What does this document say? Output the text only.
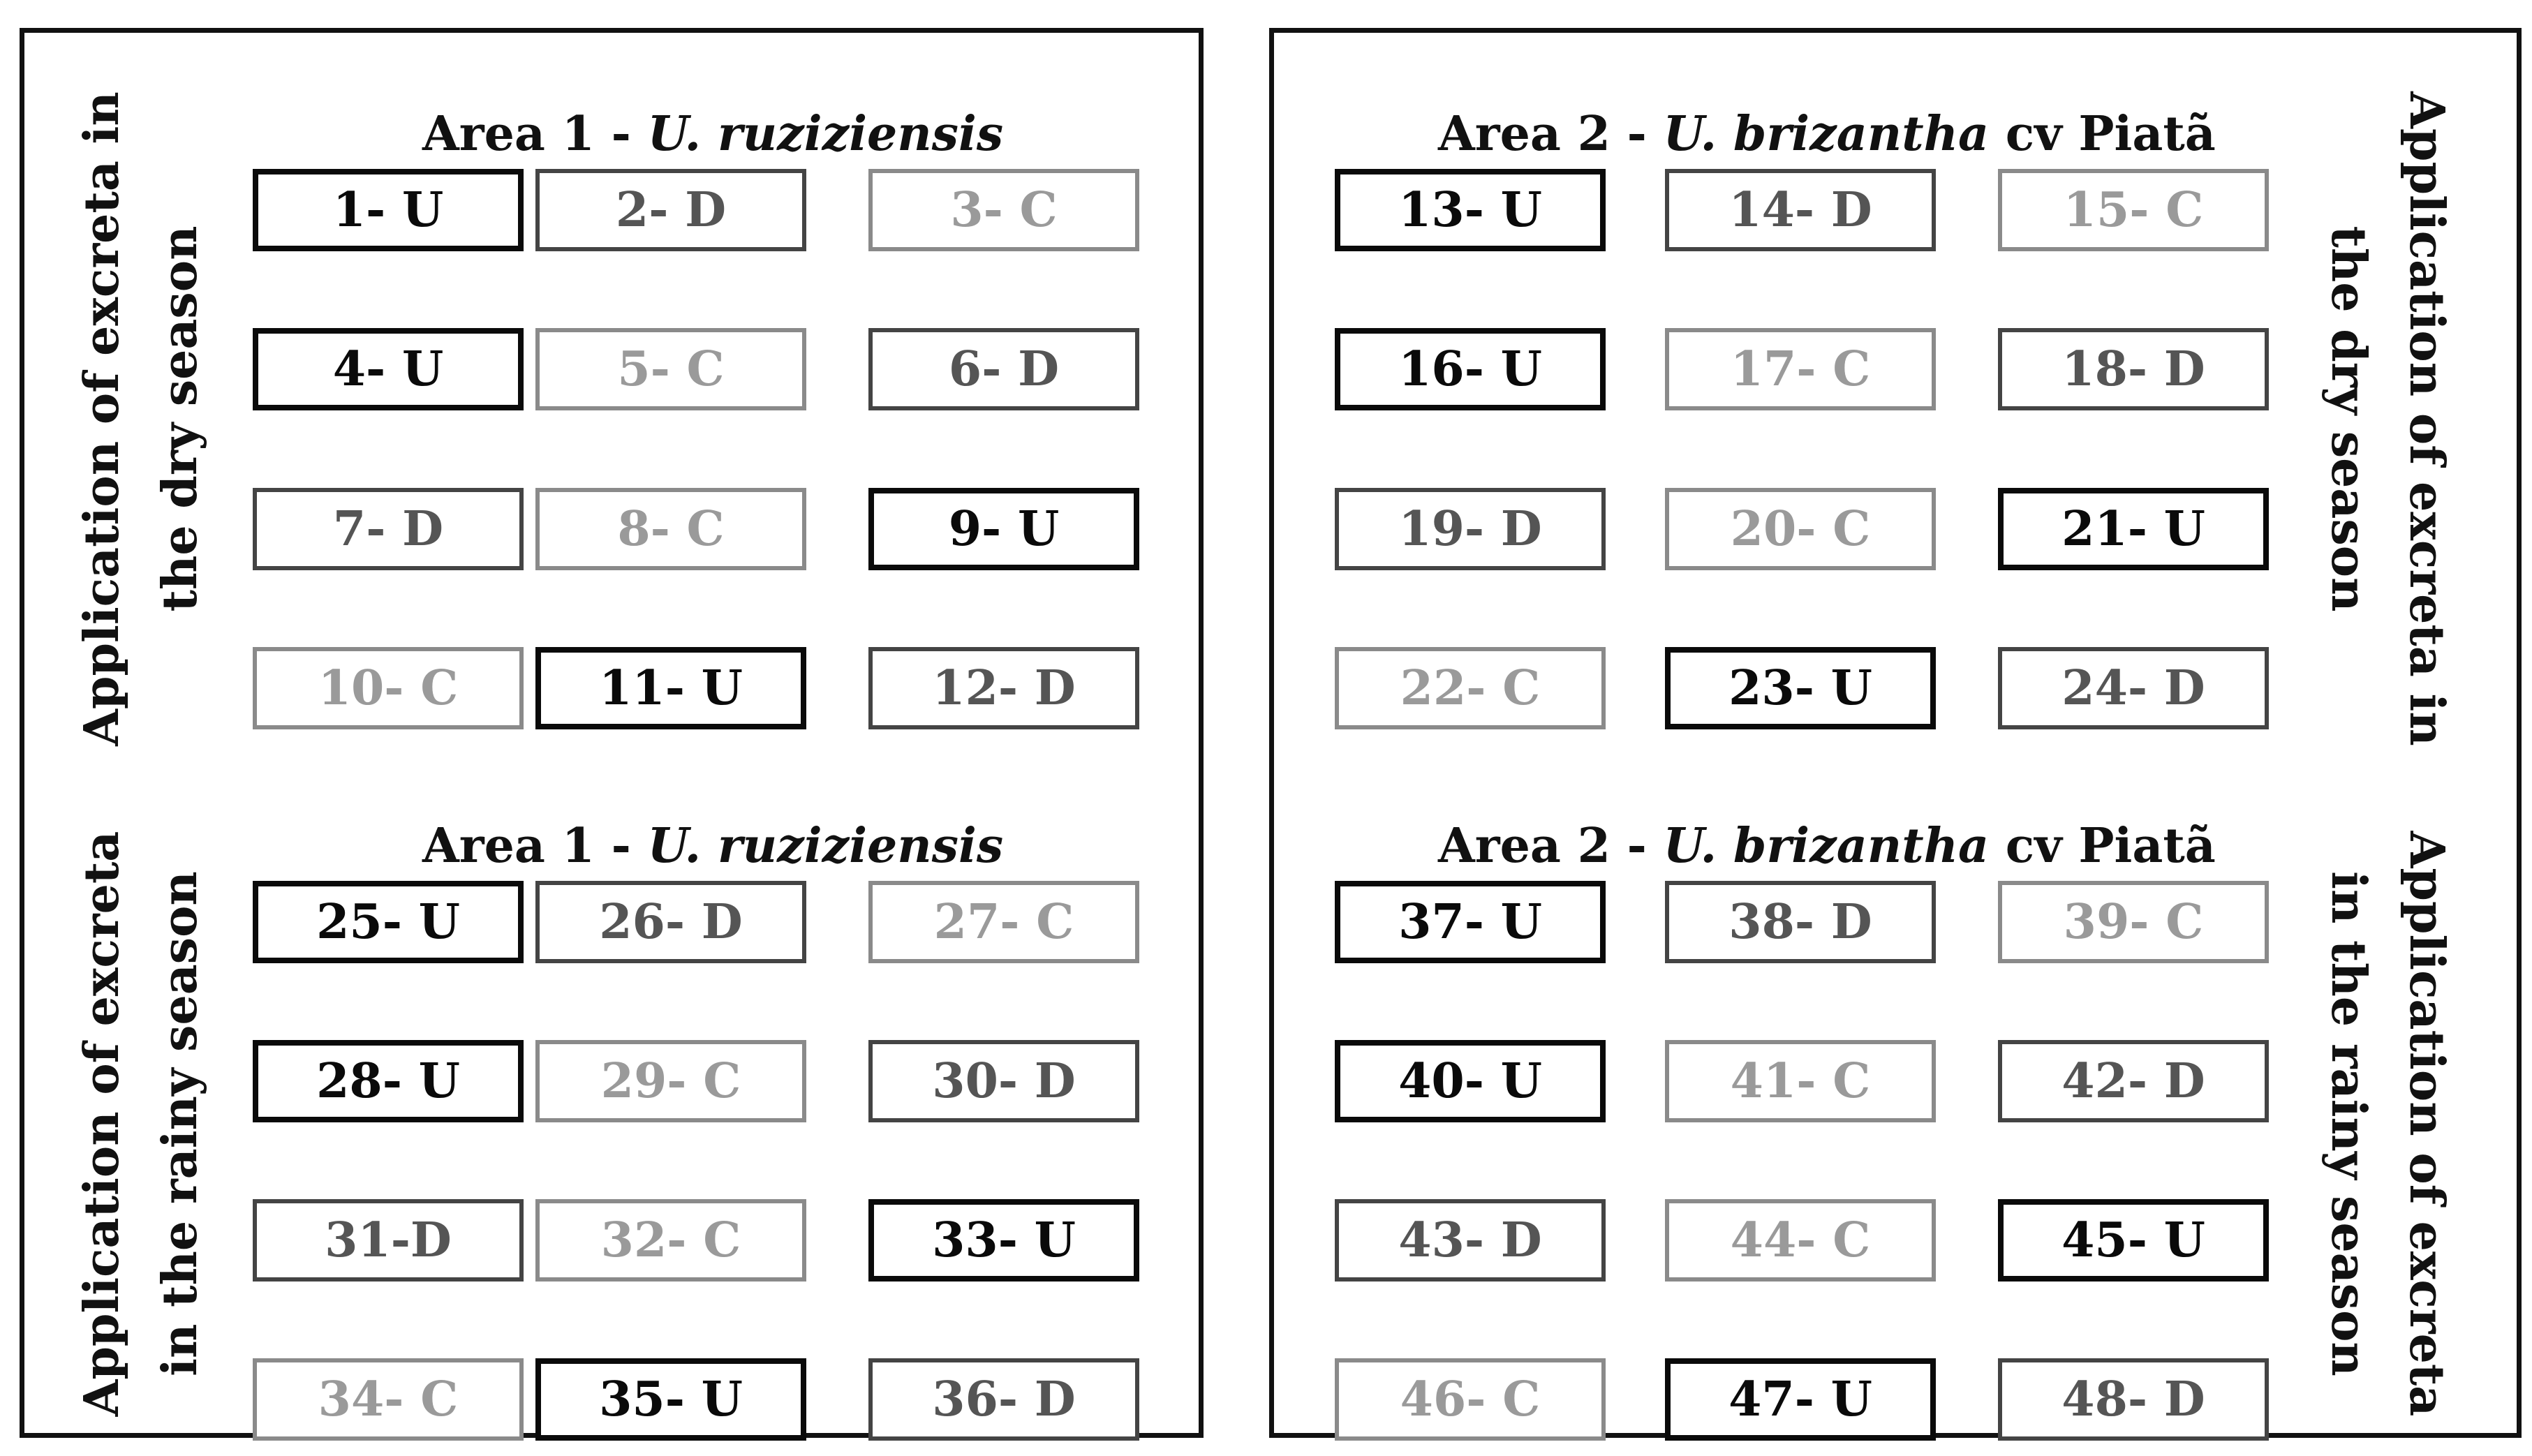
Area 1 - U. ruziziensis
Area 1 - U. ruziziensis
Area 2 - U. brizantha cv Piatã
Area 2 - U. brizantha cv Piatã
Application of excreta in the dry season
Application of excreta in the rainy season
Application of excreta in
the dry season
Application of excreta
in the rainy season
1- U	2- D	3- C
4- U	5- C	6- D
7- D	8- C	9- U
10- C	11- U	12- D
25- U	26- D	27- C
28- U	29- C	30- D
31-D	32- C	33- U
34- C	35- U	36- D
13- U	14- D	15- C
16- U	17- C	18- D
19- D	20- C	21- U
22- C	23- U	24- D
37- U	38- D	39- C
40- U	41- C	42- D
43- D	44- C	45- U
46- C	47- U	48- D
